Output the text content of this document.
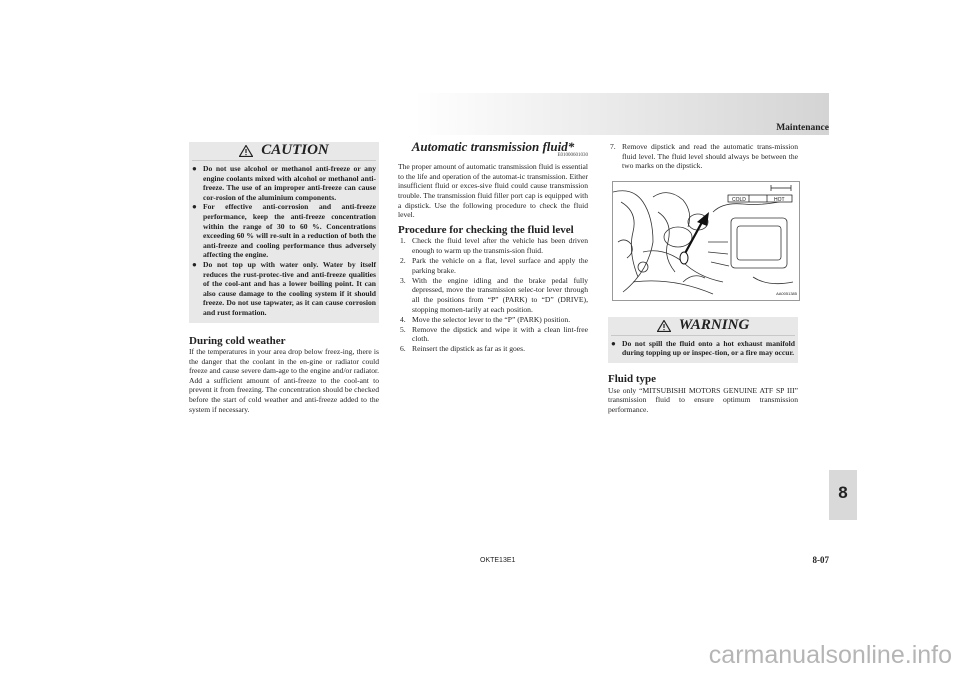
Maintenance
CAUTION
● Do not use alcohol or methanol anti-freeze or any engine coolants mixed with alcohol or methanol anti-freeze. The use of an improper anti-freeze can cause cor-rosion of the aluminium components.
● For effective anti-corrosion and anti-freeze performance, keep the anti-freeze concentration within the range of 30 to 60 %. Concentrations exceeding 60 % will re-sult in a reduction of both the anti-freeze and cooling performance thus adversely affecting the engine.
● Do not top up with water only. Water by itself reduces the rust-protec-tive and anti-freeze qualities of the cool-ant and has a lower boiling point. It can also cause damage to the cooling system if it should freeze. Do not use tapwater, as it can cause corrosion and rust formation.
During cold weather

If the temperatures in your area drop below freez-ing, there is the danger that the coolant in the en-gine or radiator could freeze and cause severe dam-age to the engine and/or radiator. Add a sufficient amount of anti-freeze to the cool-ant to prevent it from freezing. The concentration should be checked before the start of cold weather and anti-freeze added to the system if necessary.

Automatic transmission fluid*
E01000601030

The proper amount of automatic transmission fluid is essential to the life and operation of the automat-ic transmission. Either insufficient fluid or exces-sive fluid could cause transmission trouble. The transmission fluid filler port cap is equipped with a dipstick. Use the following procedure to check the fluid level.

Procedure for checking the fluid level
1. Check the fluid level after the vehicle has been driven enough to warm up the transmis-sion fluid.
2. Park the vehicle on a flat, level surface and apply the parking brake.
3. With the engine idling and the brake pedal fully depressed, move the transmission selec-tor lever through all the positions from “P” (PARK) to “D” (DRIVE), stopping momen-tarily at each position.
4. Move the selector lever to the “P” (PARK) position.
5. Remove the dipstick and wipe it with a clean lint-free cloth.
6. Reinsert the dipstick as far as it goes.
7. Remove dipstick and read the automatic trans-mission fluid level. The fluid level should always be between the two marks on the dipstick.
COLD	HOT
AA0051385
WARNING
● Do not spill the fluid onto a hot exhaust manifold during topping up or inspec-tion, or a fire may occur.
Fluid type

Use only “MITSUBISHI MOTORS GENUINE ATF SP III” transmission fluid to ensure optimum transmission performance.

8
OKTE13E1	8-07
carmanualsonline.info
